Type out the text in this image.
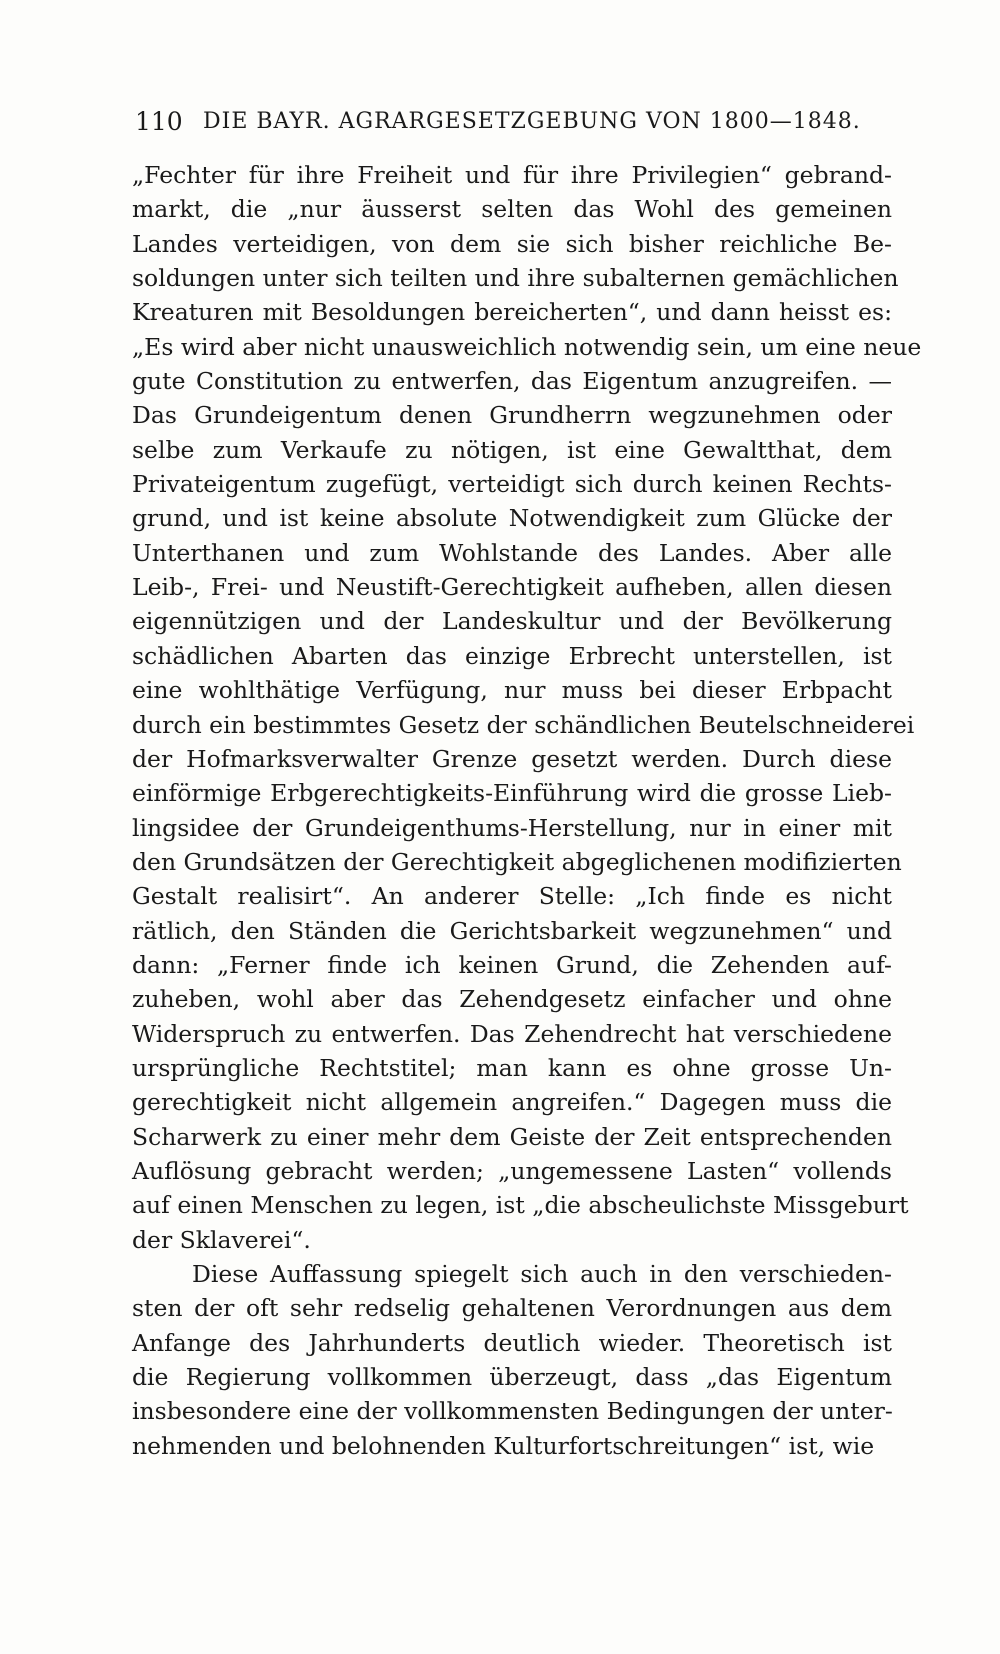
110 DIE BAYR. AGRARGESETZGEBUNG VON 1800—1848.
„Fechter für ihre Freiheit und für ihre Privilegien“ gebrand-
markt, die „nur äusserst selten das Wohl des gemeinen
Landes verteidigen, von dem sie sich bisher reichliche Be-
soldungen unter sich teilten und ihre subalternen gemächlichen
Kreaturen mit Besoldungen bereicherten“, und dann heisst es:
„Es wird aber nicht unausweichlich notwendig sein, um eine neue
gute Constitution zu entwerfen, das Eigentum anzugreifen. —
Das Grundeigentum denen Grundherrn wegzunehmen oder
selbe zum Verkaufe zu nötigen, ist eine Gewaltthat, dem
Privateigentum zugefügt, verteidigt sich durch keinen Rechts-
grund, und ist keine absolute Notwendigkeit zum Glücke der
Unterthanen und zum Wohlstande des Landes. Aber alle
Leib-, Frei- und Neustift-Gerechtigkeit aufheben, allen diesen
eigennützigen und der Landeskultur und der Bevölkerung
schädlichen Abarten das einzige Erbrecht unterstellen, ist
eine wohlthätige Verfügung, nur muss bei dieser Erbpacht
durch ein bestimmtes Gesetz der schändlichen Beutelschneiderei
der Hofmarksverwalter Grenze gesetzt werden. Durch diese
einförmige Erbgerechtigkeits-Einführung wird die grosse Lieb-
lingsidee der Grundeigenthums-Herstellung, nur in einer mit
den Grundsätzen der Gerechtigkeit abgeglichenen modifizierten
Gestalt realisirt“. An anderer Stelle: „Ich finde es nicht
rätlich, den Ständen die Gerichtsbarkeit wegzunehmen“ und
dann: „Ferner finde ich keinen Grund, die Zehenden auf-
zuheben, wohl aber das Zehendgesetz einfacher und ohne
Widerspruch zu entwerfen. Das Zehendrecht hat verschiedene
ursprüngliche Rechtstitel; man kann es ohne grosse Un-
gerechtigkeit nicht allgemein angreifen.“ Dagegen muss die
Scharwerk zu einer mehr dem Geiste der Zeit entsprechenden
Auflösung gebracht werden; „ungemessene Lasten“ vollends
auf einen Menschen zu legen, ist „die abscheulichste Missgeburt
der Sklaverei“.
Diese Auffassung spiegelt sich auch in den verschieden-
sten der oft sehr redselig gehaltenen Verordnungen aus dem
Anfange des Jahrhunderts deutlich wieder. Theoretisch ist
die Regierung vollkommen überzeugt, dass „das Eigentum
insbesondere eine der vollkommensten Bedingungen der unter-
nehmenden und belohnenden Kulturfortschreitungen“ ist, wie
